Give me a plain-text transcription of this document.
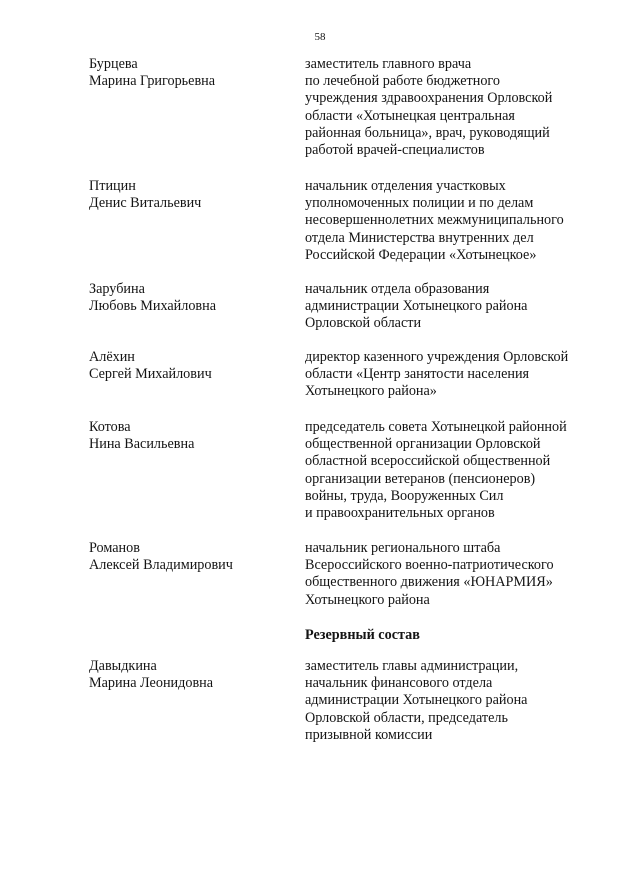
58
Бурцева
Марина Григорьевна
заместитель главного врача
по лечебной работе бюджетного
учреждения здравоохранения Орловской
области «Хотынецкая центральная
районная больница», врач, руководящий
работой врачей-специалистов
Птицин
Денис Витальевич
начальник отделения участковых
уполномоченных полиции и по делам
несовершеннолетних межмуниципального
отдела Министерства внутренних дел
Российской Федерации «Хотынецкое»
Зарубина
Любовь Михайловна
начальник отдела образования
администрации Хотынецкого района
Орловской области
Алёхин
Сергей Михайлович
директор казенного учреждения Орловской
области «Центр занятости населения
Хотынецкого района»
Котова
Нина Васильевна
председатель совета Хотынецкой районной
общественной организации Орловской
областной всероссийской общественной
организации ветеранов (пенсионеров)
войны, труда, Вооруженных Сил
и правоохранительных органов
Романов
Алексей Владимирович
начальник регионального штаба
Всероссийского военно-патриотического
общественного движения «ЮНАРМИЯ»
Хотынецкого района
Резервный состав
Давыдкина
Марина Леонидовна
заместитель главы администрации,
начальник финансового отдела
администрации Хотынецкого района
Орловской области, председатель
призывной комиссии
